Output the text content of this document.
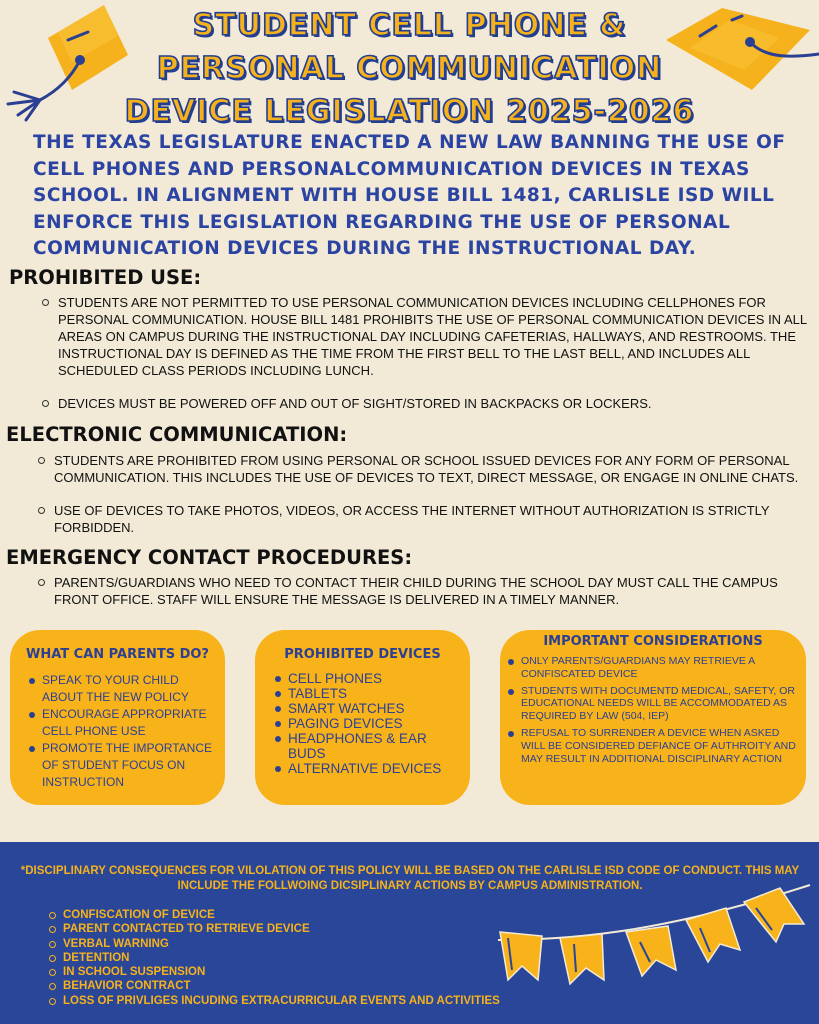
STUDENT CELL PHONE &
PERSONAL COMMUNICATION
DEVICE LEGISLATION 2025-2026
THE TEXAS LEGISLATURE ENACTED A NEW LAW BANNING THE USE OF CELL PHONES AND PERSONALCOMMUNICATION DEVICES IN TEXAS SCHOOL. IN ALIGNMENT WITH HOUSE BILL 1481, CARLISLE ISD WILL ENFORCE THIS LEGISLATION REGARDING THE USE OF PERSONAL COMMUNICATION DEVICES DURING THE INSTRUCTIONAL DAY.
PROHIBITED USE:
STUDENTS ARE NOT PERMITTED TO USE PERSONAL COMMUNICATION DEVICES INCLUDING CELLPHONES FOR PERSONAL COMMUNICATION. HOUSE BILL 1481 PROHIBITS THE USE OF PERSONAL COMMUNICATION DEVICES IN ALL AREAS ON CAMPUS DURING THE INSTRUCTIONAL DAY INCLUDING CAFETERIAS, HALLWAYS, AND RESTROOMS. THE INSTRUCTIONAL DAY IS DEFINED AS THE TIME FROM THE FIRST BELL TO THE LAST BELL, AND INCLUDES ALL SCHEDULED CLASS PERIODS INCLUDING LUNCH.
DEVICES MUST BE POWERED OFF AND OUT OF SIGHT/STORED IN BACKPACKS OR LOCKERS.
ELECTRONIC COMMUNICATION:
STUDENTS ARE PROHIBITED FROM USING PERSONAL OR SCHOOL ISSUED DEVICES FOR ANY FORM OF PERSONAL COMMUNICATION. THIS INCLUDES THE USE OF DEVICES TO TEXT, DIRECT MESSAGE, OR ENGAGE IN ONLINE CHATS.
USE OF DEVICES TO TAKE PHOTOS, VIDEOS, OR ACCESS THE INTERNET WITHOUT AUTHORIZATION IS STRICTLY FORBIDDEN.
EMERGENCY CONTACT PROCEDURES:
PARENTS/GUARDIANS WHO NEED TO CONTACT THEIR CHILD DURING THE SCHOOL DAY MUST CALL THE CAMPUS FRONT OFFICE. STAFF WILL ENSURE THE MESSAGE IS DELIVERED IN A TIMELY MANNER.
WHAT CAN PARENTS DO?
SPEAK TO YOUR CHILD ABOUT THE NEW POLICY
ENCOURAGE APPROPRIATE CELL PHONE USE
PROMOTE THE IMPORTANCE OF STUDENT FOCUS ON INSTRUCTION
PROHIBITED DEVICES
CELL PHONES
TABLETS
SMART WATCHES
PAGING DEVICES
HEADPHONES & EAR BUDS
ALTERNATIVE DEVICES
IMPORTANT CONSIDERATIONS
ONLY PARENTS/GUARDIANS MAY RETRIEVE A CONFISCATED DEVICE
STUDENTS WITH DOCUMENTD MEDICAL, SAFETY, OR EDUCATIONAL NEEDS WILL BE ACCOMMODATED AS REQUIRED BY LAW (504, IEP)
REFUSAL TO SURRENDER A DEVICE WHEN ASKED WILL BE CONSIDERED DEFIANCE OF AUTHROITY AND MAY RESULT IN ADDITIONAL DISCIPLINARY ACTION
*DISCIPLINARY CONSEQUENCES FOR VILOLATION OF THIS POLICY WILL BE BASED ON THE CARLISLE ISD CODE OF CONDUCT. THIS MAY INCLUDE THE FOLLWOING DICSIPLINARY ACTIONS BY CAMPUS ADMINISTRATION.
CONFISCATION OF DEVICE
PARENT CONTACTED TO RETRIEVE DEVICE
VERBAL WARNING
DETENTION
IN SCHOOL SUSPENSION
BEHAVIOR CONTRACT
LOSS OF PRIVLIGES INCUDING EXTRACURRICULAR EVENTS AND ACTIVITIES
